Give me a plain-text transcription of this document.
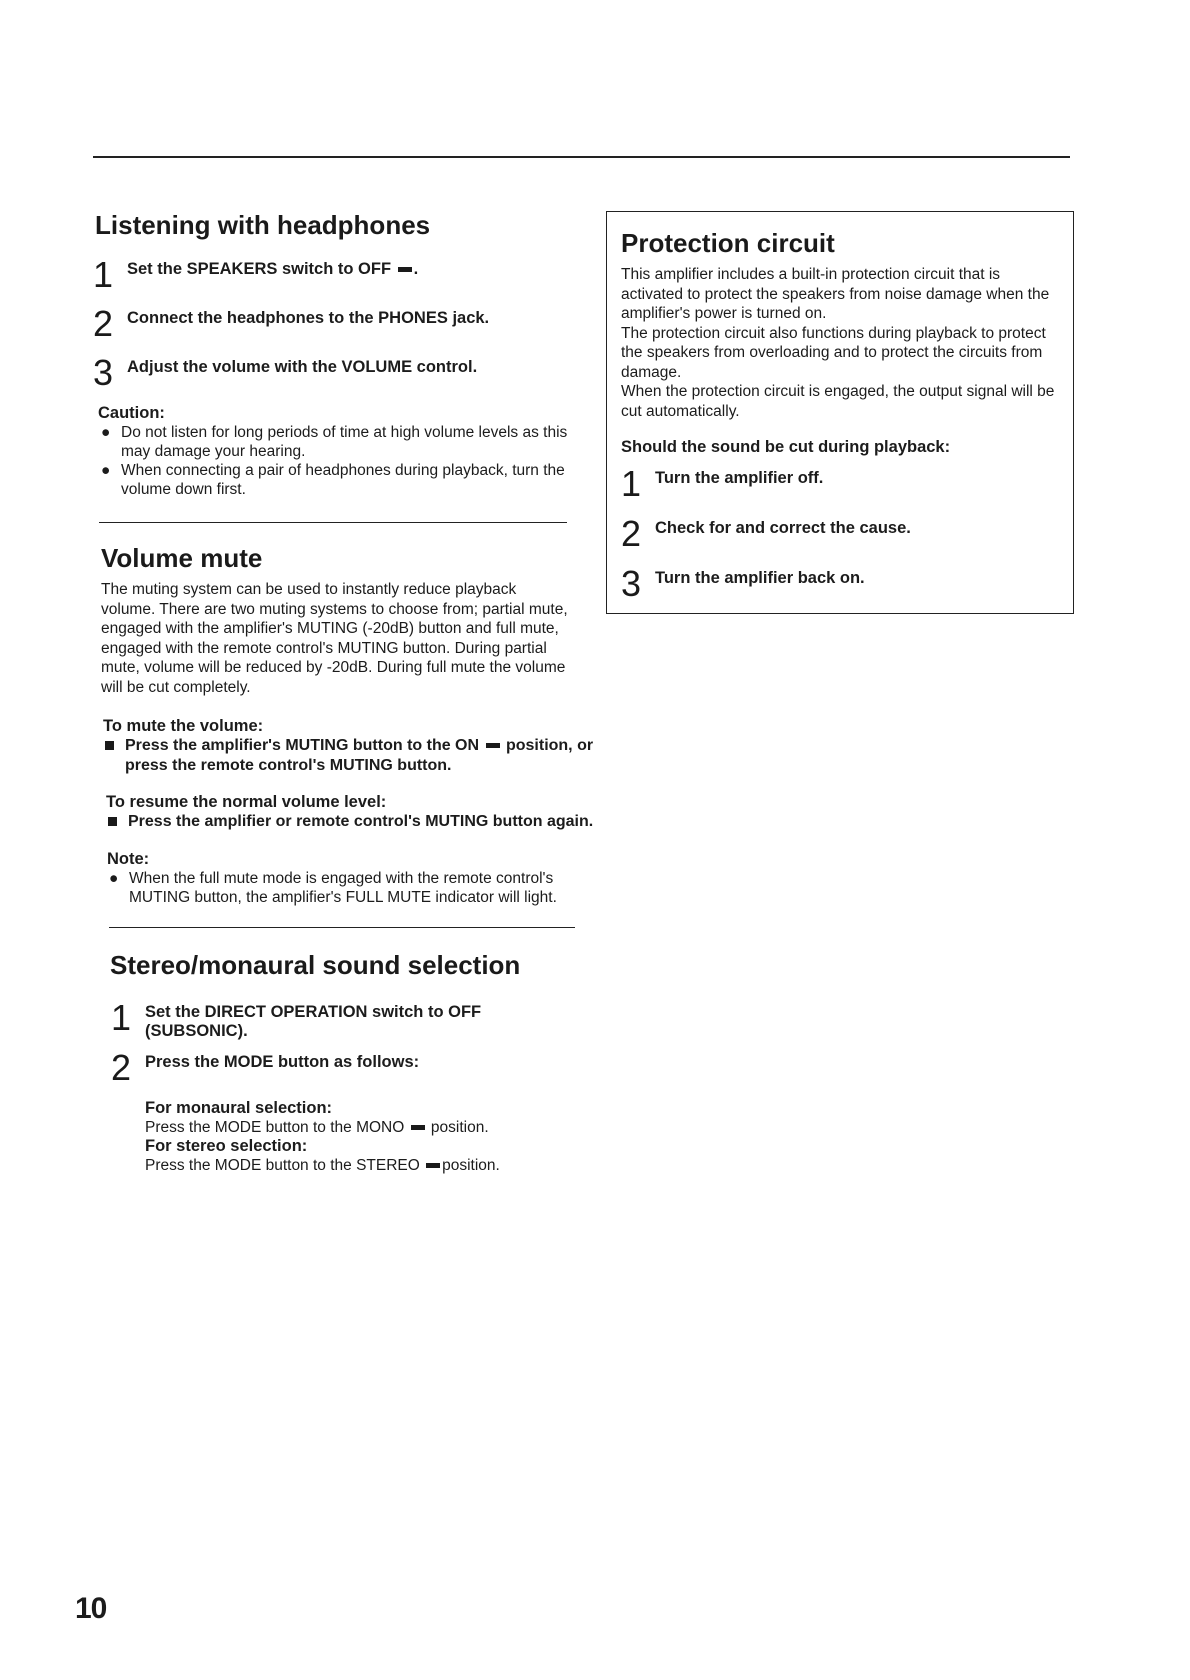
Listening with headphones
1 Set the SPEAKERS switch to OFF .
2 Connect the headphones to the PHONES jack.
3 Adjust the volume with the VOLUME control.
Caution:
● Do not listen for long periods of time at high volume levels as this may damage your hearing.
● When connecting a pair of headphones during playback, turn the volume down first.
Volume mute
The muting system can be used to instantly reduce playback volume. There are two muting systems to choose from; partial mute, engaged with the amplifier's MUTING (-20dB) button and full mute, engaged with the remote control's MUTING button. During partial mute, volume will be reduced by -20dB. During full mute the volume will be cut completely.
To mute the volume:
Press the amplifier's MUTING button to the ON position, or press the remote control's MUTING button.
To resume the normal volume level:
Press the amplifier or remote control's MUTING button again.
Note:
● When the full mute mode is engaged with the remote control's MUTING button, the amplifier's FULL MUTE indicator will light.
Stereo/monaural sound selection
1 Set the DIRECT OPERATION switch to OFF (SUBSONIC).
2 Press the MODE button as follows:
For monaural selection:
Press the MODE button to the MONO position.
For stereo selection:
Press the MODE button to the STEREO position.
Protection circuit
This amplifier includes a built-in protection circuit that is activated to protect the speakers from noise damage when the amplifier's power is turned on.
The protection circuit also functions during playback to protect the speakers from overloading and to protect the circuits from damage.
When the protection circuit is engaged, the output signal will be cut automatically.
Should the sound be cut during playback:
1 Turn the amplifier off.
2 Check for and correct the cause.
3 Turn the amplifier back on.
10
